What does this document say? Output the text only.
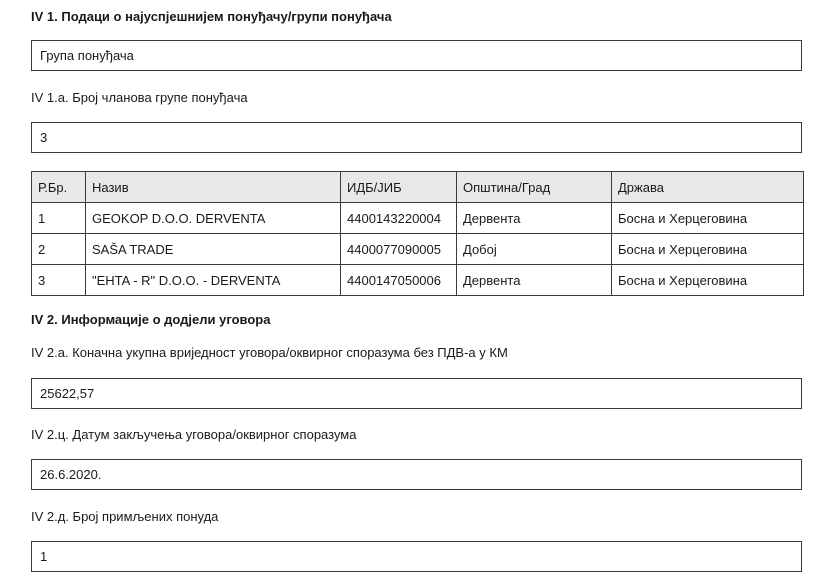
IV 1. Подаци о најуспјешнијем понуђачу/групи понуђача
Група понуђача
IV 1.а. Број чланова групе понуђача
3
Р.Бр.	Назив	ИДБ/ЈИБ	Општина/Град	Држава
1	GEOKOP D.O.O. DERVENTA	4400143220004	Дервента	Босна и Херцеговина
2	SAŠA TRADE	4400077090005	Добој	Босна и Херцеговина
3	"EHTA - R" D.O.O. - DERVENTA	4400147050006	Дервента	Босна и Херцеговина
IV 2. Информације о додјели уговора
IV 2.а. Коначна укупна вриједност уговора/оквирног споразума без ПДВ-а у КМ
25622,57
IV 2.ц. Датум закључења уговора/оквирног споразума
26.6.2020.
IV 2.д. Број примљених понуда
1
